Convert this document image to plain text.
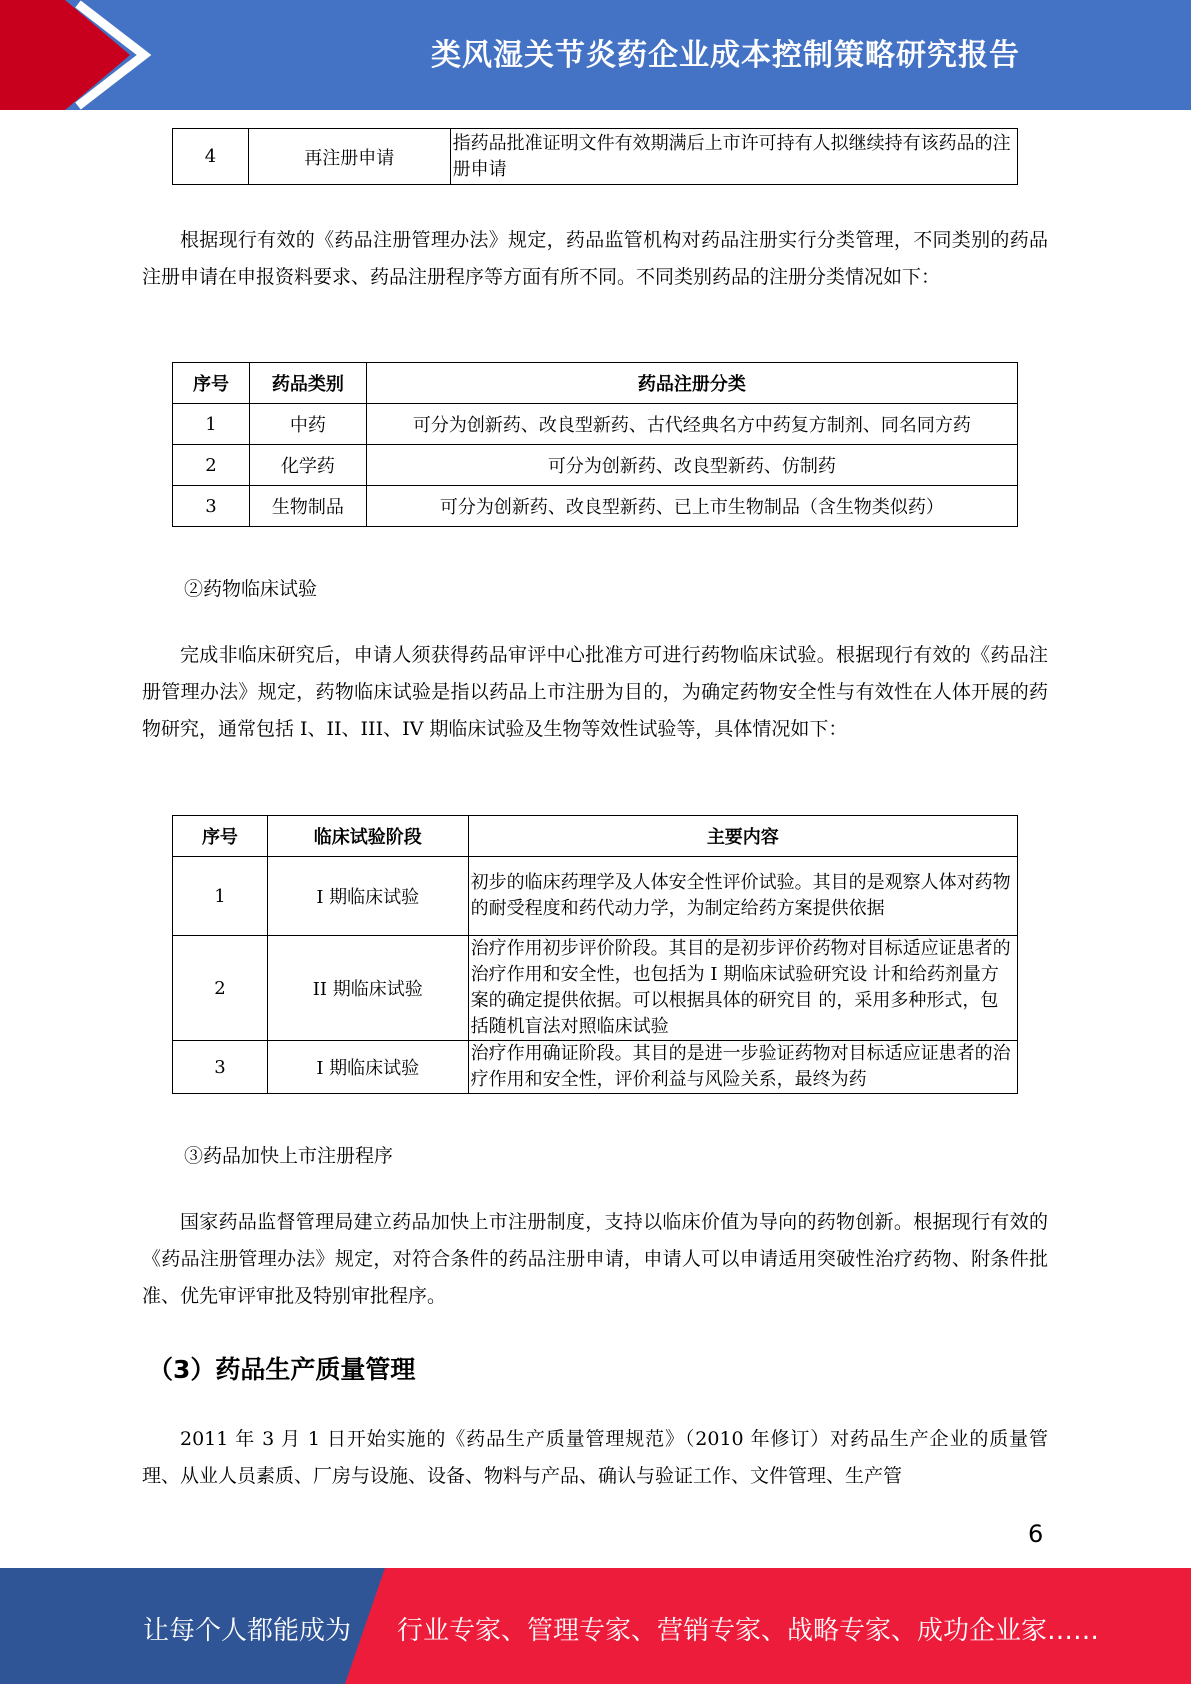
类风湿关节炎药企业成本控制策略研究报告
4	再注册申请	指药品批准证明文件有效期满后上市许可持有人拟继续持有该药品的注册申请
根据现行有效的《药品注册管理办法》规定，药品监管机构对药品注册实行分类管理，不同类别的药品注册申请在申报资料要求、药品注册程序等方面有所不同。不同类别药品的注册分类情况如下：
序号	药品类别	药品注册分类
1	中药	可分为创新药、改良型新药、古代经典名方中药复方制剂、同名同方药
2	化学药	可分为创新药、改良型新药、仿制药
3	生物制品	可分为创新药、改良型新药、已上市生物制品（含生物类似药）
②药物临床试验
完成非临床研究后，申请人须获得药品审评中心批准方可进行药物临床试验。根据现行有效的《药品注册管理办法》规定，药物临床试验是指以药品上市注册为目的，为确定药物安全性与有效性在人体开展的药物研究，通常包括 I、II、III、IV 期临床试验及生物等效性试验等，具体情况如下：
序号	临床试验阶段	主要内容
1	I 期临床试验	初步的临床药理学及人体安全性评价试验。其目的是观察人体对药物的耐受程度和药代动力学，为制定给药方案提供依据
2	II 期临床试验	治疗作用初步评价阶段。其目的是初步评价药物对目标适应证患者的治疗作用和安全性，也包括为 I 期临床试验研究设 计和给药剂量方案的确定提供依据。可以根据具体的研究目 的，采用多种形式，包括随机盲法对照临床试验
3	I 期临床试验	治疗作用确证阶段。其目的是进一步验证药物对目标适应证患者的治疗作用和安全性，评价利益与风险关系，最终为药
③药品加快上市注册程序
国家药品监督管理局建立药品加快上市注册制度，支持以临床价值为导向的药物创新。根据现行有效的《药品注册管理办法》规定，对符合条件的药品注册申请，申请人可以申请适用突破性治疗药物、附条件批准、优先审评审批及特别审批程序。
（3）药品生产质量管理
2011 年 3 月 1 日开始实施的《药品生产质量管理规范》（2010 年修订）对药品生产企业的质量管理、从业人员素质、厂房与设施、设备、物料与产品、确认与验证工作、文件管理、生产管
6
让每个人都能成为 行业专家、管理专家、营销专家、战略专家、成功企业家……
